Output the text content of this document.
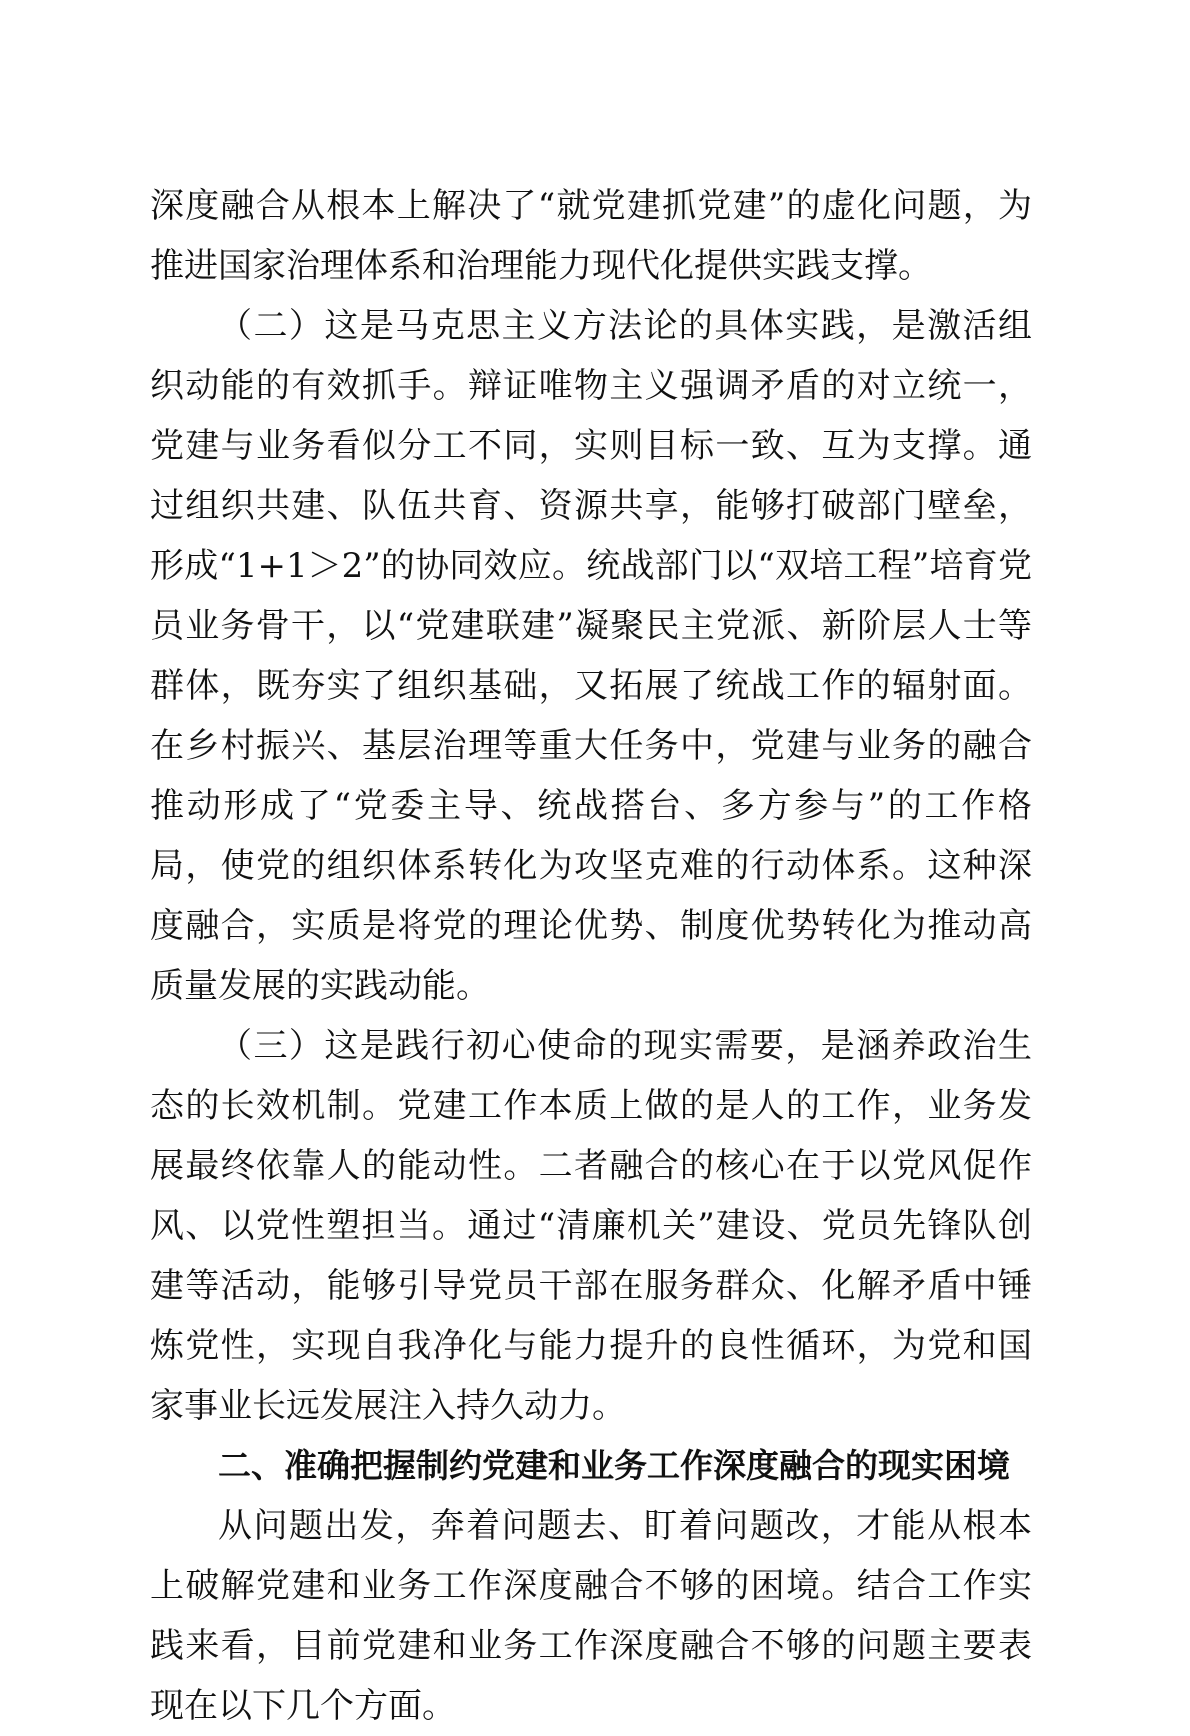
深度融合从根本上解决了“就党建抓党建”的虚化问题，为推进国家治理体系和治理能力现代化提供实践支撑。

（二）这是马克思主义方法论的具体实践，是激活组织动能的有效抓手。辩证唯物主义强调矛盾的对立统一，党建与业务看似分工不同，实则目标一致、互为支撑。通过组织共建、队伍共育、资源共享，能够打破部门壁垒，形成“1+1＞2”的协同效应。统战部门以“双培工程”培育党员业务骨干，以“党建联建”凝聚民主党派、新阶层人士等群体，既夯实了组织基础，又拓展了统战工作的辐射面。在乡村振兴、基层治理等重大任务中，党建与业务的融合推动形成了“党委主导、统战搭台、多方参与”的工作格局，使党的组织体系转化为攻坚克难的行动体系。这种深度融合，实质是将党的理论优势、制度优势转化为推动高质量发展的实践动能。

（三）这是践行初心使命的现实需要，是涵养政治生态的长效机制。党建工作本质上做的是人的工作，业务发展最终依靠人的能动性。二者融合的核心在于以党风促作风、以党性塑担当。通过“清廉机关”建设、党员先锋队创建等活动，能够引导党员干部在服务群众、化解矛盾中锤炼党性，实现自我净化与能力提升的良性循环，为党和国家事业长远发展注入持久动力。

二、准确把握制约党建和业务工作深度融合的现实困境

从问题出发，奔着问题去、盯着问题改，才能从根本上破解党建和业务工作深度融合不够的困境。结合工作实践来看，目前党建和业务工作深度融合不够的问题主要表现在以下几个方面。
